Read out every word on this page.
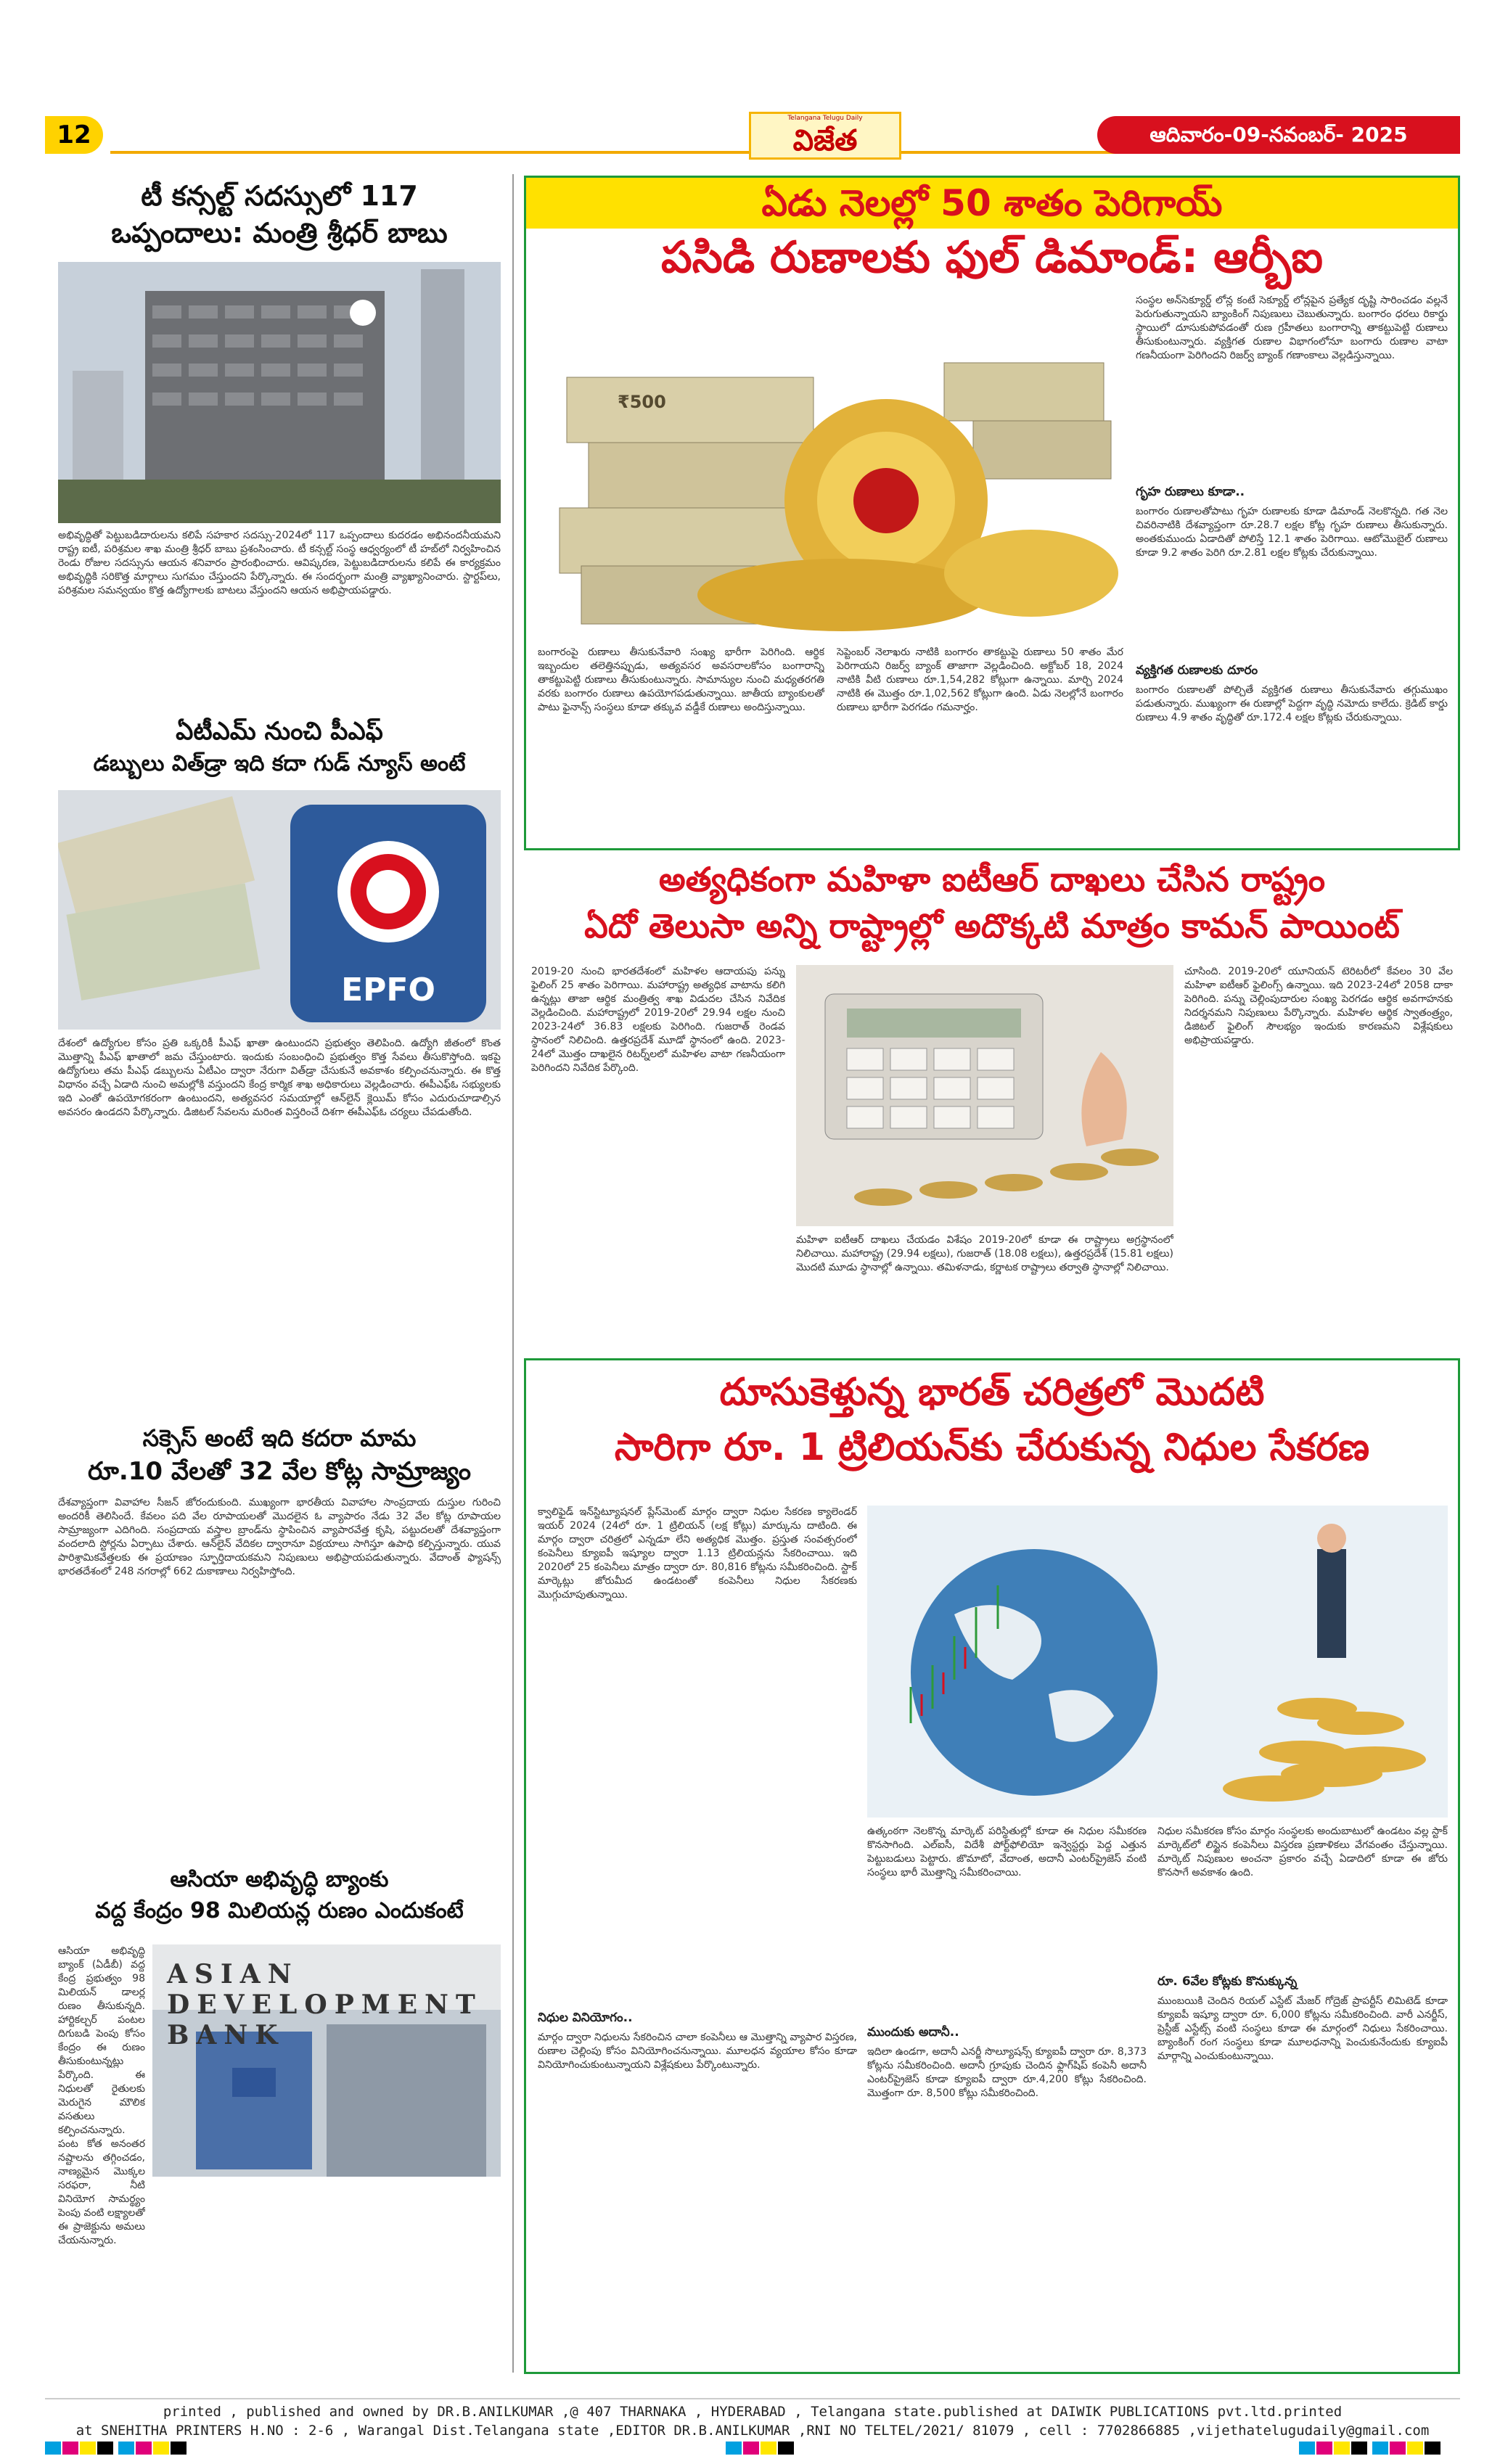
12
Telangana Telugu Daily
విజేత	ఆదివారం-09-నవంబర్- 2025
టీ కన్సల్ట్ సదస్సులో 117
ఒప్పందాలు: మంత్రి శ్రీధర్ బాబు
అభివృద్ధితో పెట్టుబడిదారులను కలిపే సహకార సదస్సు-2024లో 117 ఒప్పందాలు కుదరడం అభినందనీయమని రాష్ట్ర ఐటీ, పరిశ్రమల శాఖ మంత్రి శ్రీధర్ బాబు ప్రశంసించారు. టీ కన్సల్ట్ సంస్థ ఆధ్వర్యంలో టీ హబ్‌లో నిర్వహించిన రెండు రోజుల సదస్సును ఆయన శనివారం ప్రారంభించారు. ఆవిష్కరణ, పెట్టుబడిదారులను కలిపే ఈ కార్యక్రమం అభివృద్ధికి సరికొత్త మార్గాలు సుగమం చేస్తుందని పేర్కొన్నారు. ఈ సందర్భంగా మంత్రి వ్యాఖ్యానించారు. స్టార్టప్‌లు, పరిశ్రమల సమన్వయం కొత్త ఉద్యోగాలకు బాటలు వేస్తుందని ఆయన అభిప్రాయపడ్డారు.
ఏటీఎమ్ నుంచి పీఎఫ్
డబ్బులు విత్‌డ్రా ఇది కదా గుడ్ న్యూస్ అంటే
EPFO
దేశంలో ఉద్యోగుల కోసం ప్రతి ఒక్కరికీ పీఎఫ్ ఖాతా ఉంటుందని ప్రభుత్వం తెలిపింది. ఉద్యోగి జీతంలో కొంత మొత్తాన్ని పీఎఫ్ ఖాతాలో జమ చేస్తుంటారు. ఇందుకు సంబంధించి ప్రభుత్వం కొత్త సేవలు తీసుకొస్తోంది. ఇకపై ఉద్యోగులు తమ పీఎఫ్ డబ్బులను ఏటీఎం ద్వారా నేరుగా విత్‌డ్రా చేసుకునే అవకాశం కల్పించనున్నారు. ఈ కొత్త విధానం వచ్చే ఏడాది నుంచి అమల్లోకి వస్తుందని కేంద్ర కార్మిక శాఖ అధికారులు వెల్లడించారు. ఈపీఎఫ్‌ఓ సభ్యులకు ఇది ఎంతో ఉపయోగకరంగా ఉంటుందని, అత్యవసర సమయాల్లో ఆన్‌లైన్ క్లెయిమ్ కోసం ఎదురుచూడాల్సిన అవసరం ఉండదని పేర్కొన్నారు. డిజిటల్ సేవలను మరింత విస్తరించే దిశగా ఈపీఎఫ్‌ఓ చర్యలు చేపడుతోంది.
సక్సెస్ అంటే ఇది కదరా మామ
రూ.10 వేలతో 32 వేల కోట్ల సామ్రాజ్యం
దేశవ్యాప్తంగా వివాహాల సీజన్ జోరందుకుంది. ముఖ్యంగా భారతీయ వివాహాల సాంప్రదాయ దుస్తుల గురించి అందరికీ తెలిసిందే. కేవలం పది వేల రూపాయలతో మొదలైన ఓ వ్యాపారం నేడు 32 వేల కోట్ల రూపాయల సామ్రాజ్యంగా ఎదిగింది. సంప్రదాయ వస్త్రాల బ్రాండ్‌ను స్థాపించిన వ్యాపారవేత్త కృషి, పట్టుదలతో దేశవ్యాప్తంగా వందలాది స్టోర్లను ఏర్పాటు చేశారు. ఆన్‌లైన్ వేదికల ద్వారానూ విక్రయాలు సాగిస్తూ ఉపాధి కల్పిస్తున్నారు. యువ పారిశ్రామికవేత్తలకు ఈ ప్రయాణం స్ఫూర్తిదాయకమని నిపుణులు అభిప్రాయపడుతున్నారు. వేదాంత్ ఫ్యాషన్స్ భారతదేశంలో 248 నగరాల్లో 662 దుకాణాలు నిర్వహిస్తోంది.
ఆసియా అభివృద్ధి బ్యాంకు
వద్ద కేంద్రం 98 మిలియన్ల రుణం ఎందుకంటే
ఆసియా అభివృద్ధి బ్యాంక్ (ఏడీబీ) వద్ద కేంద్ర ప్రభుత్వం 98 మిలియన్ డాలర్ల రుణం తీసుకున్నది. హార్టికల్చర్ పంటల దిగుబడి పెంపు కోసం కేంద్రం ఈ రుణం తీసుకుంటున్నట్లు పేర్కొంది. ఈ నిధులతో రైతులకు మెరుగైన మౌలిక వసతులు కల్పించనున్నారు. పంట కోత అనంతర నష్టాలను తగ్గించడం, నాణ్యమైన మొక్కల సరఫరా, నీటి వినియోగ సామర్థ్యం పెంపు వంటి లక్ష్యాలతో ఈ ప్రాజెక్టును అమలు చేయనున్నారు.
ASIAN DEVELOPMENT BANK
ఏడు నెలల్లో 50 శాతం పెరిగాయ్
పసిడి రుణాలకు ఫుల్ డిమాండ్: ఆర్బీఐ
₹500
సంస్థల అన్‌సెక్యూర్డ్ లోన్ల కంటే సెక్యూర్డ్ లోన్లపైన ప్రత్యేక దృష్టి సారించడం వల్లనే పెరుగుతున్నాయని బ్యాంకింగ్ నిపుణులు చెబుతున్నారు. బంగారం ధరలు రికార్డు స్థాయిలో దూసుకుపోవడంతో రుణ గ్రహీతలు బంగారాన్ని తాకట్టుపెట్టి రుణాలు తీసుకుంటున్నారు. వ్యక్తిగత రుణాల విభాగంలోనూ బంగారు రుణాల వాటా గణనీయంగా పెరిగిందని రిజర్వ్ బ్యాంక్ గణాంకాలు వెల్లడిస్తున్నాయి.
గృహ రుణాలు కూడా..
బంగారం రుణాలతోపాటు గృహ రుణాలకు కూడా డిమాండ్ నెలకొన్నది. గత నెల చివరినాటికి దేశవ్యాప్తంగా రూ.28.7 లక్షల కోట్ల గృహ రుణాలు తీసుకున్నారు. అంతకుముందు ఏడాదితో పోలిస్తే 12.1 శాతం పెరిగాయి. ఆటోమొబైల్ రుణాలు కూడా 9.2 శాతం పెరిగి రూ.2.81 లక్షల కోట్లకు చేరుకున్నాయి.
వ్యక్తిగత రుణాలకు దూరం
బంగారం రుణాలతో పోల్చితే వ్యక్తిగత రుణాలు తీసుకునేవారు తగ్గుముఖం పడుతున్నారు. ముఖ్యంగా ఈ రుణాల్లో పెద్దగా వృద్ధి నమోదు కాలేదు. క్రెడిట్ కార్డు రుణాలు 4.9 శాతం వృద్ధితో రూ.172.4 లక్షల కోట్లకు చేరుకున్నాయి.
బంగారంపై రుణాలు తీసుకునేవారి సంఖ్య భారీగా పెరిగింది. ఆర్థిక ఇబ్బందుల తలెత్తినప్పుడు, అత్యవసర అవసరాలకోసం బంగారాన్ని తాకట్టుపెట్టి రుణాలు తీసుకుంటున్నారు. సామాన్యుల నుంచి మధ్యతరగతి వరకు బంగారం రుణాలు ఉపయోగపడుతున్నాయి. జాతీయ బ్యాంకులతో పాటు ఫైనాన్స్ సంస్థలు కూడా తక్కువ వడ్డీకే రుణాలు అందిస్తున్నాయి.
సెప్టెంబర్ నెలాఖరు నాటికి బంగారం తాకట్టుపై రుణాలు 50 శాతం మేర పెరిగాయని రిజర్వ్ బ్యాంక్ తాజాగా వెల్లడించింది. అక్టోబర్ 18, 2024 నాటికి వీటి రుణాలు రూ.1,54,282 కోట్లుగా ఉన్నాయి. మార్చి 2024 నాటికి ఈ మొత్తం రూ.1,02,562 కోట్లుగా ఉంది. ఏడు నెలల్లోనే బంగారం రుణాలు భారీగా పెరగడం గమనార్హం.
అత్యధికంగా మహిళా ఐటీఆర్ దాఖలు చేసిన రాష్ట్రం
ఏదో తెలుసా అన్ని రాష్ట్రాల్లో అదొక్కటి మాత్రం కామన్ పాయింట్
2019-20 నుంచి భారతదేశంలో మహిళల ఆదాయపు పన్ను ఫైలింగ్ 25 శాతం పెరిగాయి. మహారాష్ట్ర అత్యధిక వాటాను కలిగి ఉన్నట్లు తాజా ఆర్థిక మంత్రిత్వ శాఖ విడుదల చేసిన నివేదిక వెల్లడించింది. మహారాష్ట్రలో 2019-20లో 29.94 లక్షల నుంచి 2023-24లో 36.83 లక్షలకు పెరిగింది. గుజరాత్ రెండవ స్థానంలో నిలిచింది. ఉత్తరప్రదేశ్ మూడో స్థానంలో ఉంది. 2023-24లో మొత్తం దాఖలైన రిటర్న్‌లలో మహిళల వాటా గణనీయంగా పెరిగిందని నివేదిక పేర్కొంది.
మహిళా ఐటీఆర్ దాఖలు చేయడం విశేషం 2019-20లో కూడా ఈ రాష్ట్రాలు అగ్రస్థానంలో నిలిచాయి. మహారాష్ట్ర (29.94 లక్షలు), గుజరాత్ (18.08 లక్షలు), ఉత్తరప్రదేశ్ (15.81 లక్షలు) మొదటి మూడు స్థానాల్లో ఉన్నాయి. తమిళనాడు, కర్ణాటక రాష్ట్రాలు తర్వాతి స్థానాల్లో నిలిచాయి.
చూసింది. 2019-20లో యూనియన్ టెరిటరీలో కేవలం 30 వేల మహిళా ఐటీఆర్ ఫైలింగ్స్ ఉన్నాయి. ఇది 2023-24లో 2058 దాకా పెరిగింది. పన్ను చెల్లింపుదారుల సంఖ్య పెరగడం ఆర్థిక అవగాహనకు నిదర్శనమని నిపుణులు పేర్కొన్నారు. మహిళల ఆర్థిక స్వాతంత్ర్యం, డిజిటల్ ఫైలింగ్ సౌలభ్యం ఇందుకు కారణమని విశ్లేషకులు అభిప్రాయపడ్డారు.
దూసుకెళ్తున్న భారత్ చరిత్రలో మొదటి
సారిగా రూ. 1 ట్రిలియన్‌కు చేరుకున్న నిధుల సేకరణ
క్వాలిఫైడ్ ఇన్‌స్టిట్యూషనల్ ప్లేస్‌మెంట్ మార్గం ద్వారా నిధుల సేకరణ క్యాలెండర్ ఇయర్ 2024 (24లో రూ. 1 ట్రిలియన్ (లక్ష కోట్లు) మార్కును దాటింది. ఈ మార్గం ద్వారా చరిత్రలో ఎన్నడూ లేని అత్యధిక మొత్తం. ప్రస్తుత సంవత్సరంలో కంపెనీలు క్యూఐపీ ఇష్యూల ద్వారా 1.13 ట్రిలియన్లను సేకరించాయి. ఇది 2020లో 25 కంపెనీలు మాత్రం ద్వారా రూ. 80,816 కోట్లను సమీకరించింది. స్టాక్ మార్కెట్లు జోరుమీద ఉండటంతో కంపెనీలు నిధుల సేకరణకు మొగ్గుచూపుతున్నాయి.
నిధుల వినియోగం..
మార్గం ద్వారా నిధులను సేకరించిన చాలా కంపెనీలు ఆ మొత్తాన్ని వ్యాపార విస్తరణ, రుణాల చెల్లింపు కోసం వినియోగించనున్నాయి. మూలధన వ్యయాల కోసం కూడా వినియోగించుకుంటున్నాయని విశ్లేషకులు పేర్కొంటున్నారు.
ఉత్కంఠగా నెలకొన్న మార్కెట్ పరిస్థితుల్లో కూడా ఈ నిధుల సమీకరణ కొనసాగింది. ఎల్‌ఐసీ, విదేశీ పోర్ట్‌ఫోలియో ఇన్వెస్టర్లు పెద్ద ఎత్తున పెట్టుబడులు పెట్టారు. జొమాటో, వేదాంత, అదానీ ఎంటర్‌ప్రైజెస్ వంటి సంస్థలు భారీ మొత్తాన్ని సమీకరించాయి.
ముందుకు అదానీ..
ఇదిలా ఉండగా, అదానీ ఎనర్జీ సొల్యూషన్స్ క్యూఐపీ ద్వారా రూ. 8,373 కోట్లను సమీకరించింది. అదానీ గ్రూపుకు చెందిన ఫ్లాగ్‌షిప్ కంపెనీ అదానీ ఎంటర్‌ప్రైజెస్ కూడా క్యూఐపీ ద్వారా రూ.4,200 కోట్లు సేకరించింది. మొత్తంగా రూ. 8,500 కోట్లు సమీకరించింది.
నిధుల సమీకరణ కోసం మార్గం సంస్థలకు అందుబాటులో ఉండటం వల్ల స్టాక్ మార్కెట్‌లో లిస్టైన కంపెనీలు విస్తరణ ప్రణాళికలు వేగవంతం చేస్తున్నాయి. మార్కెట్ నిపుణుల అంచనా ప్రకారం వచ్చే ఏడాదిలో కూడా ఈ జోరు కొనసాగే అవకాశం ఉంది.
రూ. 6వేల కోట్లకు కొనుక్కున్న
ముంబయికి చెందిన రియల్ ఎస్టేట్ మేజర్ గోద్రెజ్ ప్రాపర్టీస్ లిమిటెడ్ కూడా క్యూఐపీ ఇష్యూ ద్వారా రూ. 6,000 కోట్లను సమీకరించింది. వారీ ఎనర్జీస్, ప్రెస్టీజ్ ఎస్టేట్స్ వంటి సంస్థలు కూడా ఈ మార్గంలో నిధులు సేకరించాయి. బ్యాంకింగ్ రంగ సంస్థలు కూడా మూలధనాన్ని పెంచుకునేందుకు క్యూఐపీ మార్గాన్ని ఎంచుకుంటున్నాయి.
printed , published and owned by DR.B.ANILKUMAR ,@ 407 THARNAKA , HYDERABAD , Telangana state.published at DAIWIK PUBLICATIONS pvt.ltd.printed
at SNEHITHA PRINTERS H.NO : 2-6 , Warangal Dist.Telangana state ,EDITOR DR.B.ANILKUMAR ,RNI NO TELTEL/2021/ 81079 , cell : 7702866885 ,vijethatelugudaily@gmail.com
